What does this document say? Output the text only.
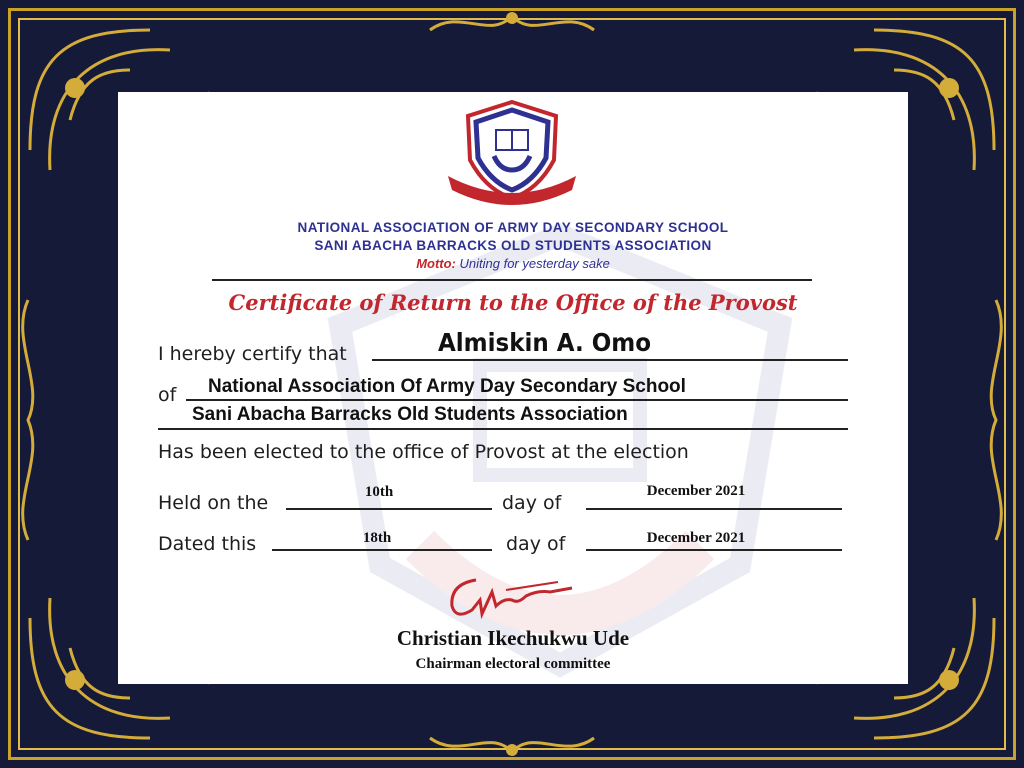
NATIONAL ASSOCIATION OF ARMY DAY SECONDARY SCHOOL
SANI ABACHA BARRACKS OLD STUDENTS ASSOCIATION
Motto: Uniting for yesterday sake
Certificate of Return to the Office of the Provost
I hereby certify that	Almiskin A. Omo
of National Association Of Army Day Secondary School
Sani Abacha Barracks Old Students Association
Has been elected to the office of Provost at the election
Held on the	10th	day of
December 2021
Dated this	18th	day of	December 2021
Christian Ikechukwu Ude
Chairman electoral committee
